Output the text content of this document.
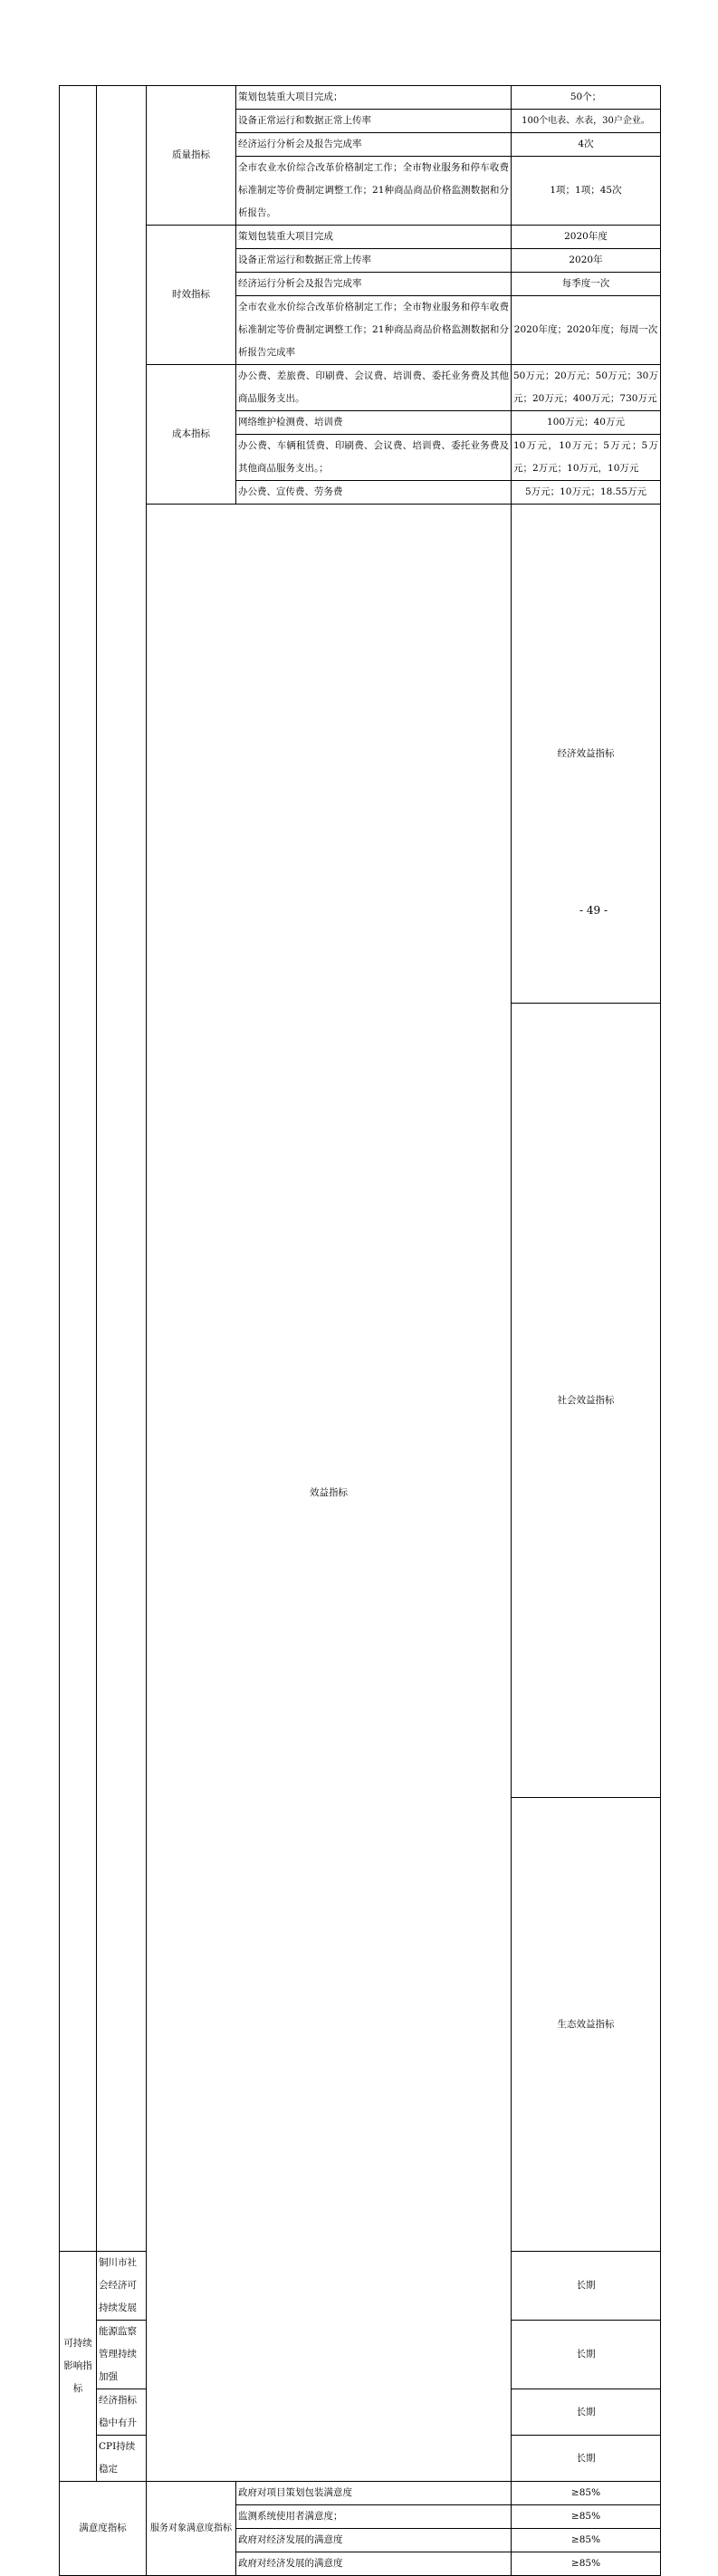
		质量指标	策划包装重大项目完成；	50个；	
			设备正常运行和数据正常上传率	100个电表、水表，30户企业。	
			经济运行分析会及报告完成率	4次	
			全市农业水价综合改革价格制定工作；全市物业服务和停车收费标准制定等价费制定调整工作；21种商品商品价格监测数据和分析报告。	1项；1项；45次	
		时效指标	策划包装重大项目完成	2020年度	
			设备正常运行和数据正常上传率	2020年	
			经济运行分析会及报告完成率	每季度一次	
			全市农业水价综合改革价格制定工作；全市物业服务和停车收费标准制定等价费制定调整工作；21种商品商品价格监测数据和分析报告完成率	2020年度；2020年度；每周一次	
		成本指标	办公费、差旅费、印刷费、会议费、培训费、委托业务费及其他商品服务支出。	50万元；20万元；50万元；30万元；20万元；400万元；730万元	
			网络维护检测费、培训费	100万元；40万元	
			办公费、车辆租赁费、印刷费、会议费、培训费、委托业务费及其他商品服务支出。；	10万元，10万元；5万元；5万元；2万元；10万元，10万元	
			办公费、宣传费、劳务费	5万元；10万元；18.55万元	
		效益指标		经济效益指标		
				社会效益指标		

				生态效益指标		
可持续影响指标	铜川市社会经济可持续发展			长期	
	能源监察管理持续加强			长期	
	经济指标稳中有升			长期	
	CPI持续稳定			长期	
满意度指标		服务对象满意度指标	政府对项目策划包装满意度	≥85%	
			监测系统使用者满意度；	≥85%	
			政府对经济发展的满意度	≥85%	
			政府对经济发展的满意度	≥85%	
- 49 -
